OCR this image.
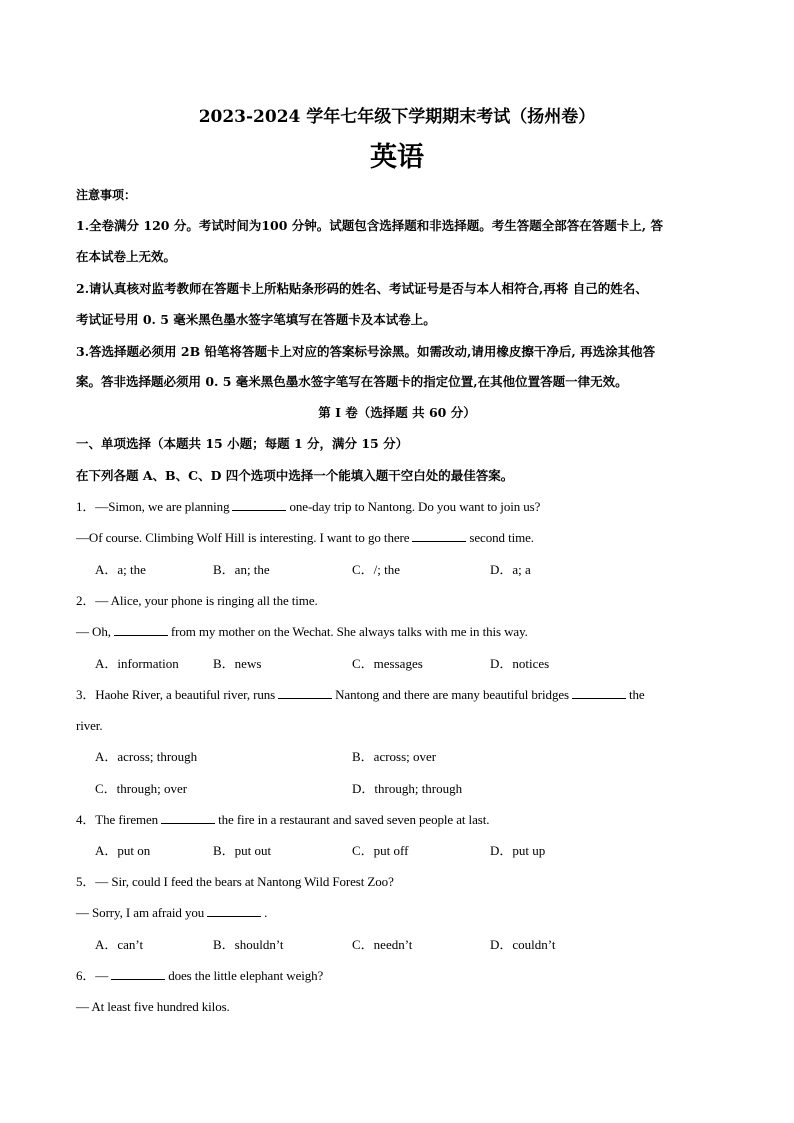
2023-2024 学年七年级下学期期末考试（扬州卷）
英语
注意事项：
1.全卷满分 120 分。考试时间为100 分钟。试题包含选择题和非选择题。考生答题全部答在答题卡上, 答
在本试卷上无效。
2.请认真核对监考教师在答题卡上所粘贴条形码的姓名、考试证号是否与本人相符合,再将 自己的姓名、
考试证号用 0. 5 毫米黑色墨水签字笔填写在答题卡及本试卷上。
3.答选择题必须用 2B 铅笔将答题卡上对应的答案标号涂黑。如需改动,请用橡皮擦干净后, 再选涂其他答
案。答非选择题必须用 0. 5 毫米黑色墨水签字笔写在答题卡的指定位置,在其他位置答题一律无效。
第 I 卷（选择题 共 60 分）
一、单项选择（本题共 15 小题；每题 1 分，满分 15 分）
在下列各题 A、B、C、D 四个选项中选择一个能填入题干空白处的最佳答案。
1．—Simon, we are planning	one-day trip to Nantong. Do you want to join us?
—Of course. Climbing Wolf Hill is interesting. I want to go there	second time.
A．a; the	B．an; the	C．/; the	D．a; a
2．— Alice, your phone is ringing all the time.
— Oh,	from my mother on the Wechat. She always talks with me in this way.
A．information	B．news	C．messages	D．notices
3．Haohe River, a beautiful river, runs	Nantong and there are many beautiful bridges	the
river.
A．across; through	B．across; over
C．through; over	D．through; through
4．The firemen	the fire in a restaurant and saved seven people at last.
A．put on	B．put out	C．put off	D．put up
5．— Sir, could I feed the bears at Nantong Wild Forest Zoo?
— Sorry, I am afraid you	.
A．can’t	B．shouldn’t	C．needn’t	D．couldn’t
6．—	does the little elephant weigh?
— At least five hundred kilos.
